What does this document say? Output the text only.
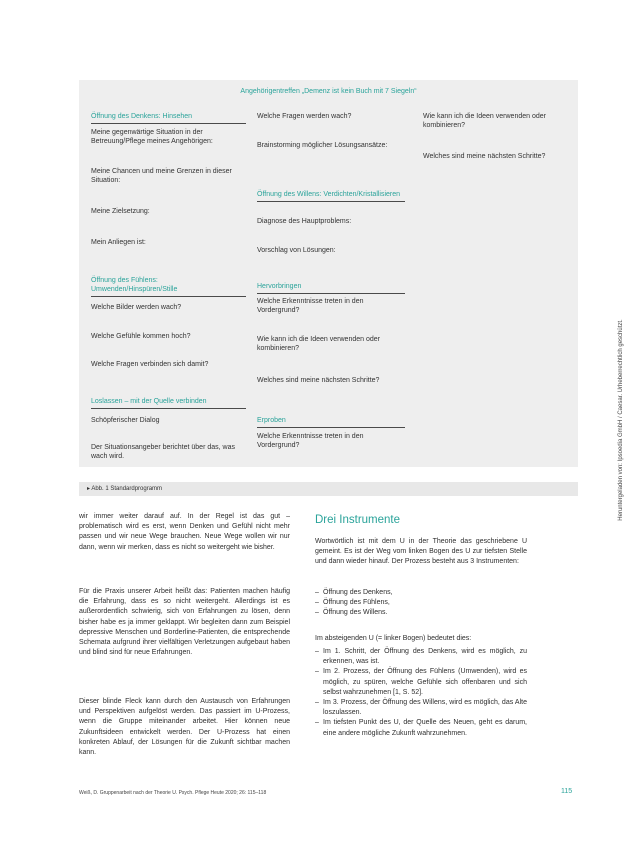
Angehörigentreffen „Demenz ist kein Buch mit 7 Siegeln“
Öffnung des Denkens: Hinsehen
Meine gegenwärtige Situation in der Betreuung/Pflege meines Angehörigen:
Meine Chancen und meine Grenzen in dieser Situation:
Meine Zielsetzung:
Mein Anliegen ist:
Öffnung des Fühlens: Umwenden/Hinspüren/Stille
Welche Bilder werden wach?
Welche Gefühle kommen hoch?
Welche Fragen verbinden sich damit?
Loslassen – mit der Quelle verbinden
Schöpferischer Dialog
Der Situationsangeber berichtet über das, was wach wird.
Welche Fragen werden wach?
Brainstorming möglicher Lösungsansätze:
Öffnung des Willens: Verdichten/Kristallisieren
Diagnose des Hauptproblems:
Vorschlag von Lösungen:
Hervorbringen
Welche Erkenntnisse treten in den Vordergrund?
Wie kann ich die Ideen verwenden oder kombinieren?
Welches sind meine nächsten Schritte?
Erproben
Welche Erkenntnisse treten in den Vordergrund?
Wie kann ich die Ideen verwenden oder kombinieren?
Welches sind meine nächsten Schritte?
▸ Abb. 1 Standardprogramm
wir immer weiter darauf auf. In der Regel ist das gut – problematisch wird es erst, wenn Denken und Gefühl nicht mehr passen und wir neue Wege brauchen. Neue Wege wollen wir nur dann, wenn wir merken, dass es nicht so weitergeht wie bisher.
Für die Praxis unserer Arbeit heißt das: Patienten machen häufig die Erfahrung, dass es so nicht weitergeht. Allerdings ist es außerordentlich schwierig, sich von Erfahrungen zu lösen, denn bisher habe es ja immer geklappt. Wir begleiten dann zum Beispiel depressive Menschen und Borderline-Patienten, die entsprechende Schemata aufgrund ihrer vielfältigen Verletzungen aufgebaut haben und blind sind für neue Erfahrungen.
Dieser blinde Fleck kann durch den Austausch von Erfahrungen und Perspektiven aufgelöst werden. Das passiert im U-Prozess, wenn die Gruppe miteinander arbeitet. Hier können neue Zukunftsideen entwickelt werden. Der U-Prozess hat einen konkreten Ablauf, der Lösungen für die Zukunft sichtbar machen kann.
Drei Instrumente
Wortwörtlich ist mit dem U in der Theorie das geschriebene U gemeint. Es ist der Weg vom linken Bogen des U zur tiefsten Stelle und dann wieder hinauf. Der Prozess besteht aus 3 Instrumenten:
– Öffnung des Denkens,
– Öffnung des Fühlens,
– Öffnung des Willens.
Im absteigenden U (= linker Bogen) bedeutet dies:
– Im 1. Schritt, der Öffnung des Denkens, wird es möglich, zu erkennen, was ist.
– Im 2. Prozess, der Öffnung des Fühlens (Umwenden), wird es möglich, zu spüren, welche Gefühle sich offenbaren und sich selbst wahrzunehmen [1, S. 52].
– Im 3. Prozess, der Öffnung des Willens, wird es möglich, das Alte loszulassen.
– Im tiefsten Punkt des U, der Quelle des Neuen, geht es darum, eine andere mögliche Zukunft wahrzunehmen.
Weiß, D. Gruppenarbeit nach der Theorie U. Psych. Pflege Heute 2020; 26: 115–118	115
Heruntergeladen von: Ipsoedia GmbH / Caesar. Urheberrechtlich geschützt.
